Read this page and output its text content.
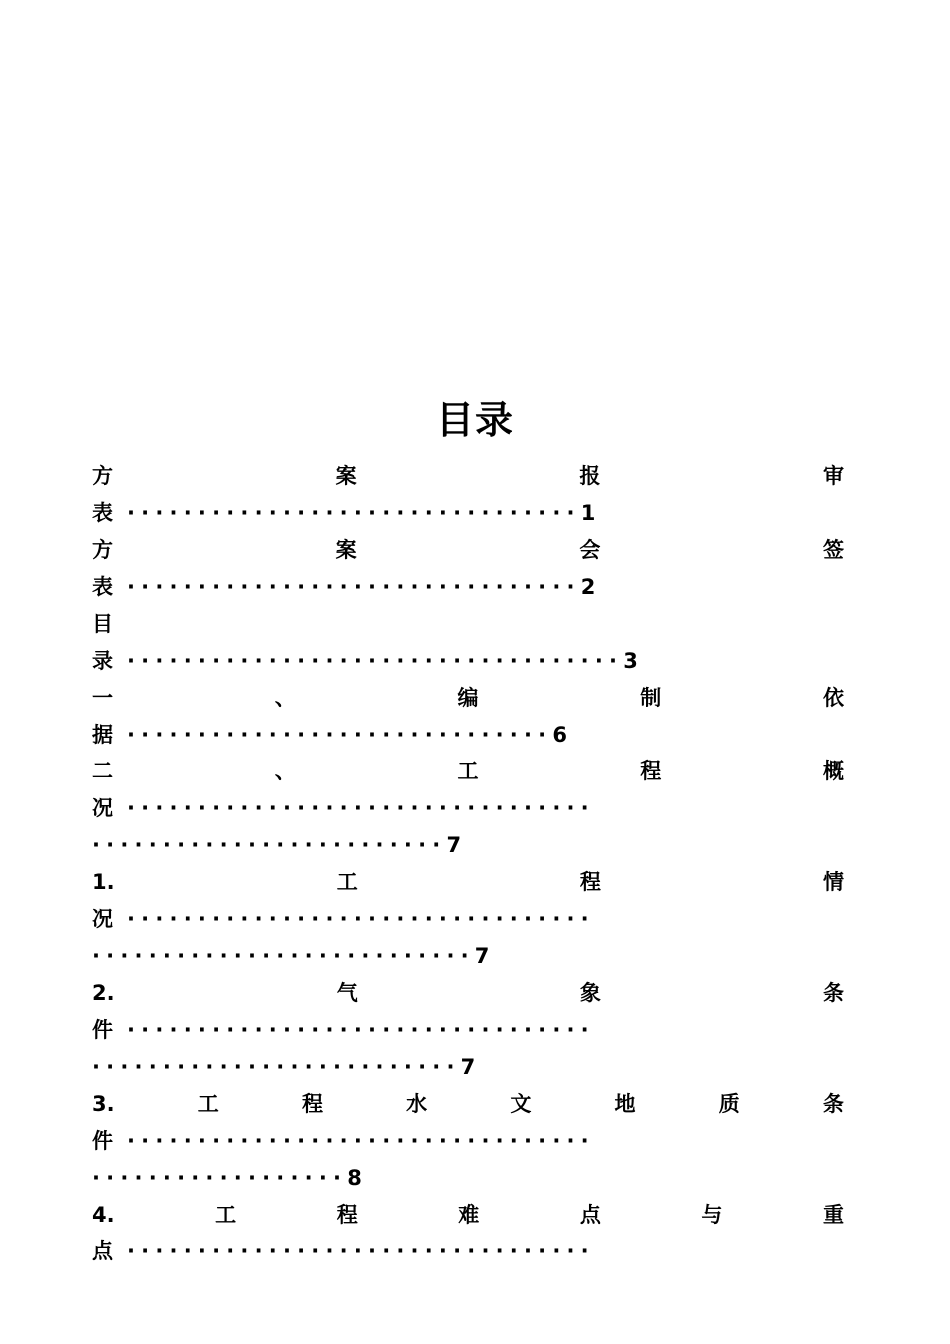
目录
方	案	报	审
表 ································1
方	案	会	签
表 ································2
目
录 ···································3
一	、	编	制	依
据 ······························6
二	、	工	程	概
况 ·································
·························7
1.	工	程	情
况 ·································
···························7
2.	气	象	条
件 ·································
··························7
3.	工	程	水	文	地	质	条
件 ·································
··················8
4.	工	程	难	点	与	重
点 ·································
